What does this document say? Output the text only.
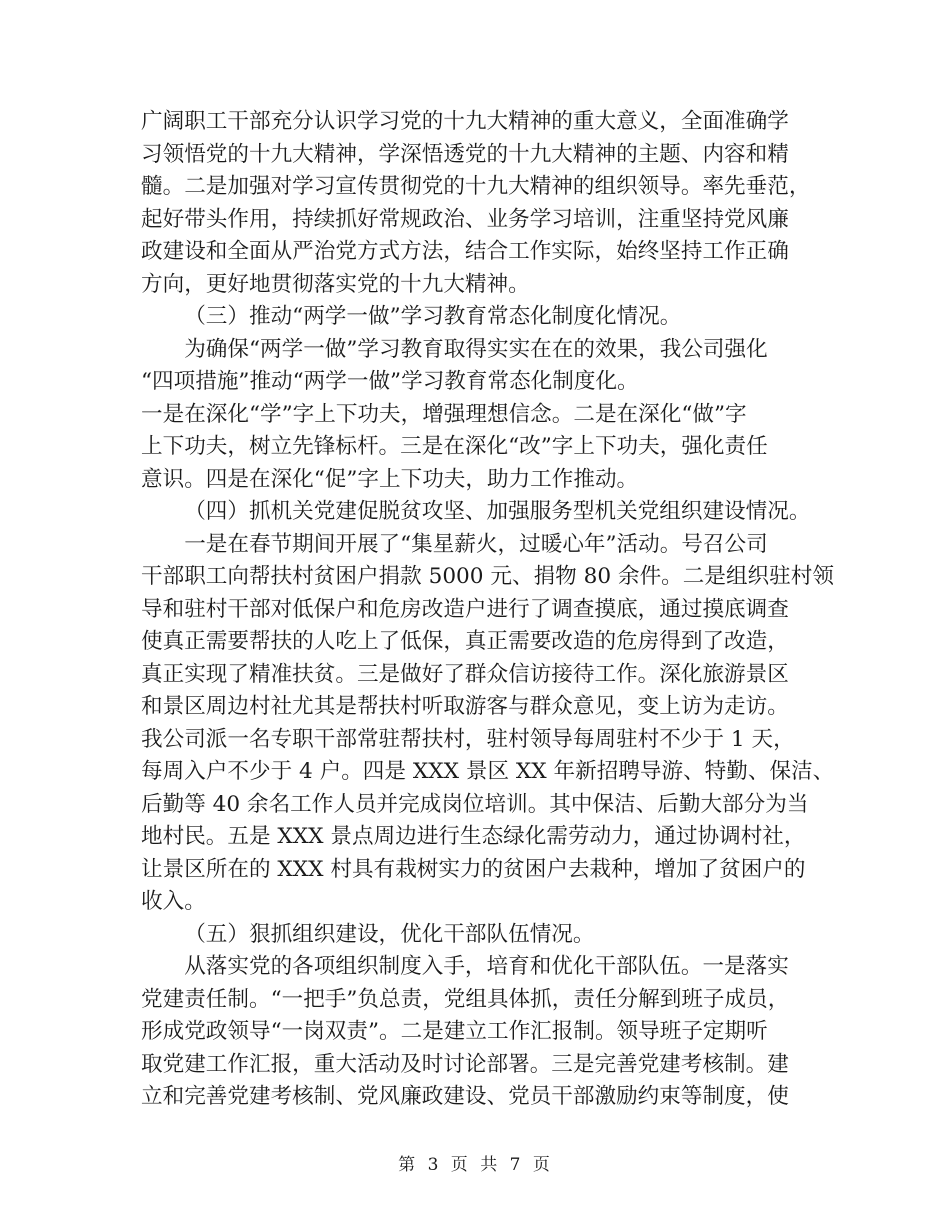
广阔职工干部充分认识学习党的十九大精神的重大意义，全面准确学
习领悟党的十九大精神，学深悟透党的十九大精神的主题、内容和精
髓。二是加强对学习宣传贯彻党的十九大精神的组织领导。率先垂范，
起好带头作用，持续抓好常规政治、业务学习培训，注重坚持党风廉
政建设和全面从严治党方式方法，结合工作实际，始终坚持工作正确
方向，更好地贯彻落实党的十九大精神。
（三）推动“两学一做”学习教育常态化制度化情况。
为确保“两学一做”学习教育取得实实在在的效果，我公司强化
“四项措施”推动“两学一做”学习教育常态化制度化。
一是在深化“学”字上下功夫，增强理想信念。二是在深化“做”字
上下功夫，树立先锋标杆。三是在深化“改”字上下功夫，强化责任
意识。四是在深化“促”字上下功夫，助力工作推动。
（四）抓机关党建促脱贫攻坚、加强服务型机关党组织建设情况。
一是在春节期间开展了“集星薪火，过暖心年”活动。号召公司
干部职工向帮扶村贫困户捐款 5000 元、捐物 80 余件。二是组织驻村领
导和驻村干部对低保户和危房改造户进行了调查摸底，通过摸底调查
使真正需要帮扶的人吃上了低保，真正需要改造的危房得到了改造，
真正实现了精准扶贫。三是做好了群众信访接待工作。深化旅游景区
和景区周边村社尤其是帮扶村听取游客与群众意见，变上访为走访。
我公司派一名专职干部常驻帮扶村，驻村领导每周驻村不少于 1 天，
每周入户不少于 4 户。四是 XXX 景区 XX 年新招聘导游、特勤、保洁、
后勤等 40 余名工作人员并完成岗位培训。其中保洁、后勤大部分为当
地村民。五是 XXX 景点周边进行生态绿化需劳动力，通过协调村社，
让景区所在的 XXX 村具有栽树实力的贫困户去栽种，增加了贫困户的
收入。
（五）狠抓组织建设，优化干部队伍情况。
从落实党的各项组织制度入手，培育和优化干部队伍。一是落实
党建责任制。“一把手”负总责，党组具体抓，责任分解到班子成员，
形成党政领导“一岗双责”。二是建立工作汇报制。领导班子定期听
取党建工作汇报，重大活动及时讨论部署。三是完善党建考核制。建
立和完善党建考核制、党风廉政建设、党员干部激励约束等制度，使
第 3 页 共 7 页
